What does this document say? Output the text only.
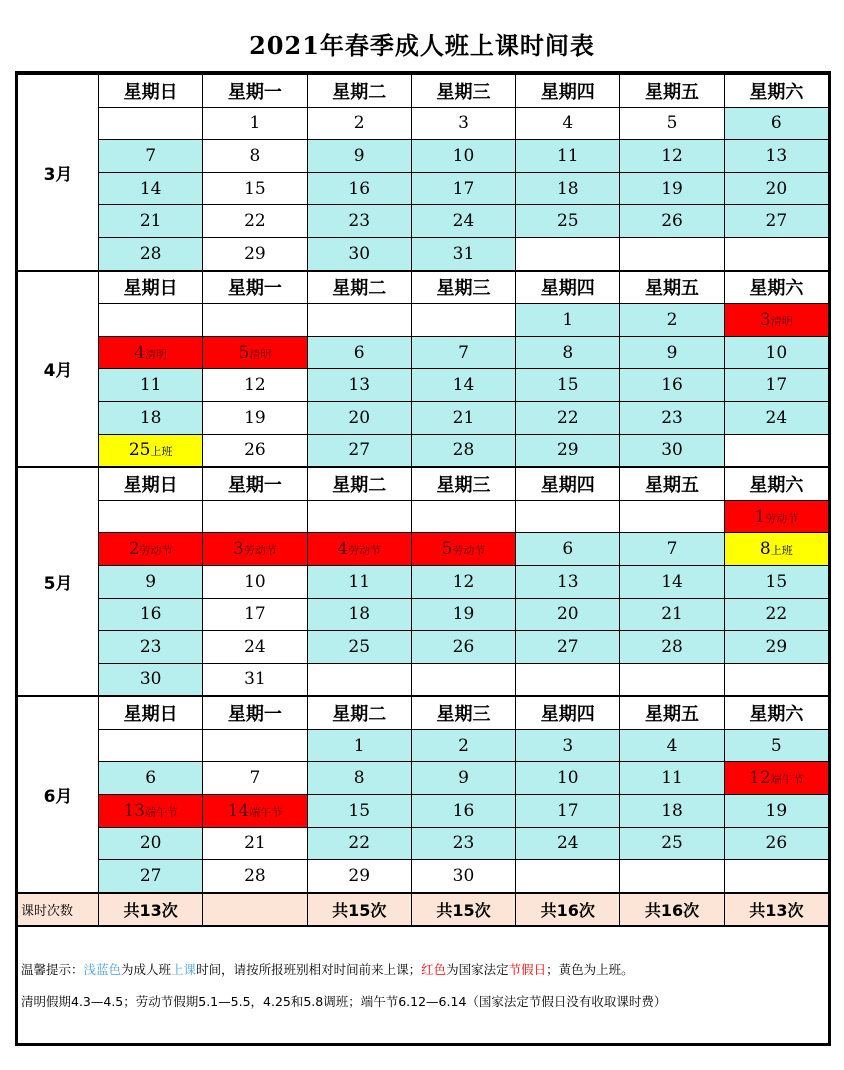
2021年春季成人班上课时间表
3月	星期日	星期一	星期二	星期三	星期四	星期五	星期六
		1	2	3	4	5	6
	7	8	9	10	11	12	13
	14	15	16	17	18	19	20
	21	22	23	24	25	26	27
	28	29	30	31			
4月	星期日	星期一	星期二	星期三	星期四	星期五	星期六
					1	2	3清明
	4清明	5清明	6	7	8	9	10
	11	12	13	14	15	16	17
	18	19	20	21	22	23	24
	25上班	26	27	28	29	30	
5月	星期日	星期一	星期二	星期三	星期四	星期五	星期六
							1劳动节
	2劳动节	3劳动节	4劳动节	5劳动节	6	7	8上班
	9	10	11	12	13	14	15
	16	17	18	19	20	21	22
	23	24	25	26	27	28	29
	30	31					
6月	星期日	星期一	星期二	星期三	星期四	星期五	星期六
			1	2	3	4	5
	6	7	8	9	10	11	12端午节
	13端午节	14端午节	15	16	17	18	19
	20	21	22	23	24	25	26
	27	28	29	30			
课时次数	共13次		共15次	共15次	共16次	共16次	共13次

温馨提示：浅蓝色为成人班上课时间，请按所报班别相对时间前来上课；红色为国家法定节假日；黄色为上班。
清明假期4.3—4.5；劳动节假期5.1—5.5，4.25和5.8调班；端午节6.12—6.14（国家法定节假日没有收取课时费）							
